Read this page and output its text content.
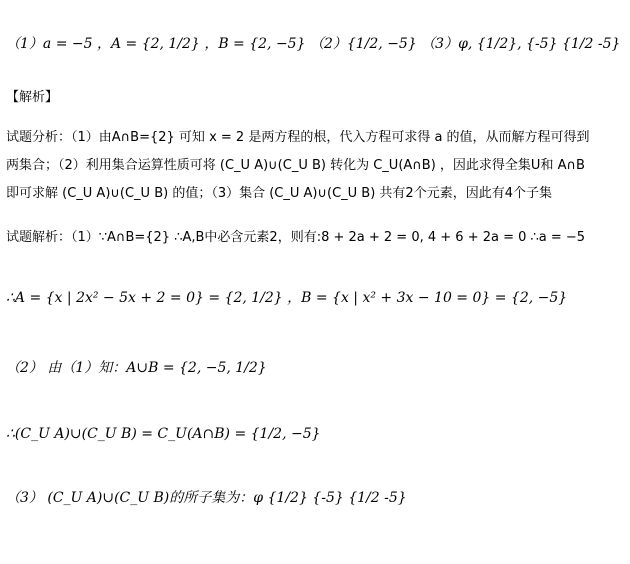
（1）a = −5 ，A = {2, 1/2} ，B = {2, −5} （2）{1/2, −5} （3）φ, {1/2}, {-5} {1/2 -5}
【解析】
试题分析：（1）由A∩B={2} 可知 x = 2 是两方程的根，代入方程可求得 a 的值，从而解方程可得到
两集合；（2）利用集合运算性质可将 (C_U A)∪(C_U B) 转化为 C_U(A∩B) ，因此求得全集U和 A∩B
即可求解 (C_U A)∪(C_U B) 的值；（3）集合 (C_U A)∪(C_U B) 共有2个元素，因此有4个子集
试题解析：（1）∵A∩B={2} ∴A,B中必含元素2，则有:8 + 2a + 2 = 0, 4 + 6 + 2a = 0 ∴a = −5
∴A = {x | 2x² − 5x + 2 = 0} = {2, 1/2} ，B = {x | x² + 3x − 10 = 0} = {2, −5}
（2） 由（1）知：A∪B = {2, −5, 1/2}
∴(C_U A)∪(C_U B) = C_U(A∩B) = {1/2, −5}
（3） (C_U A)∪(C_U B)的所子集为：φ {1/2} {-5} {1/2 -5}
